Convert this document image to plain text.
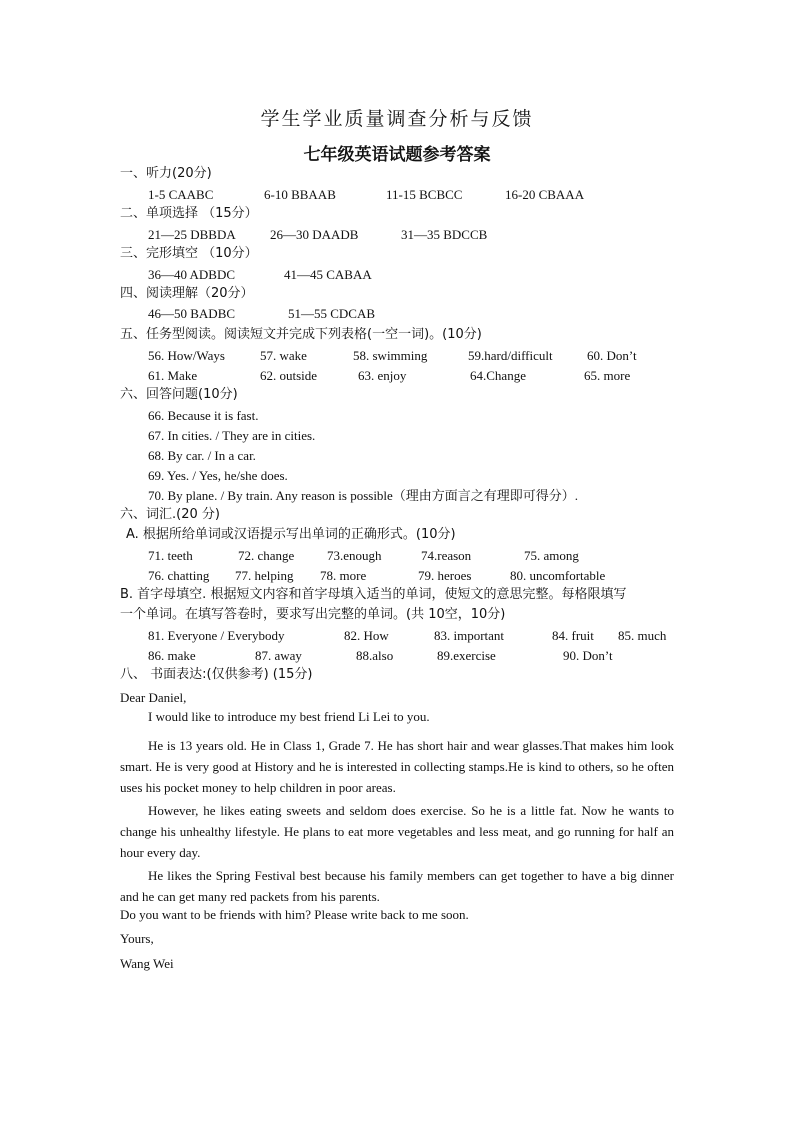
学生学业质量调查分析与反馈
七年级英语试题参考答案
一、听力(20分)
1-5 CAABC	6-10 BBAAB	11-15 BCBCC	16-20 CBAAA
二、单项选择 （15分）
21—25 DBBDA	26—30 DAADB	31—35 BDCCB
三、完形填空 （10分）
36—40 ADBDC	41—45 CABAA
四、阅读理解（20分）
46—50 BADBC	51—55 CDCAB
五、任务型阅读。阅读短文并完成下列表格(一空一词)。(10分)
56. How/Ways	57. wake	58. swimming	59.hard/difficult	60. Don’t
61. Make	62. outside	63. enjoy	64.Change	65. more
六、回答问题(10分)
66. Because it is fast.
67. In cities. / They are in cities.
68. By car. / In a car.
69. Yes. / Yes, he/she does.
70. By plane. / By train. Any reason is possible（理由方面言之有理即可得分）.
六、词汇.(20 分)
A. 根据所给单词或汉语提示写出单词的正确形式。(10分)
71. teeth	72. change	73.enough	74.reason	75. among
76. chatting 77. helping 78. more	79. heroes	80. uncomfortable
B. 首字母填空. 根据短文内容和首字母填入适当的单词，使短文的意思完整。每格限填写
一个单词。在填写答卷时，要求写出完整的单词。(共 10空，10分)
81. Everyone / Everybody	82. How	83. important	84. fruit 85. much
86. make	87. away	88.also	89.exercise	90. Don’t
八、 书面表达:(仅供参考) (15分)
Dear Daniel,
I would like to introduce my best friend Li Lei to you.
He is 13 years old. He in Class 1, Grade 7. He has short hair and wear glasses.That makes him look smart. He is very good at History and he is interested in collecting stamps.He is kind to others, so he often uses his pocket money to help children in poor areas.
However, he likes eating sweets and seldom does exercise. So he is a little fat. Now he wants to change his unhealthy lifestyle. He plans to eat more vegetables and less meat, and go running for half an hour every day.
He likes the Spring Festival best because his family members can get together to have a big dinner and he can get many red packets from his parents.
Do you want to be friends with him? Please write back to me soon.
Yours,
Wang Wei
